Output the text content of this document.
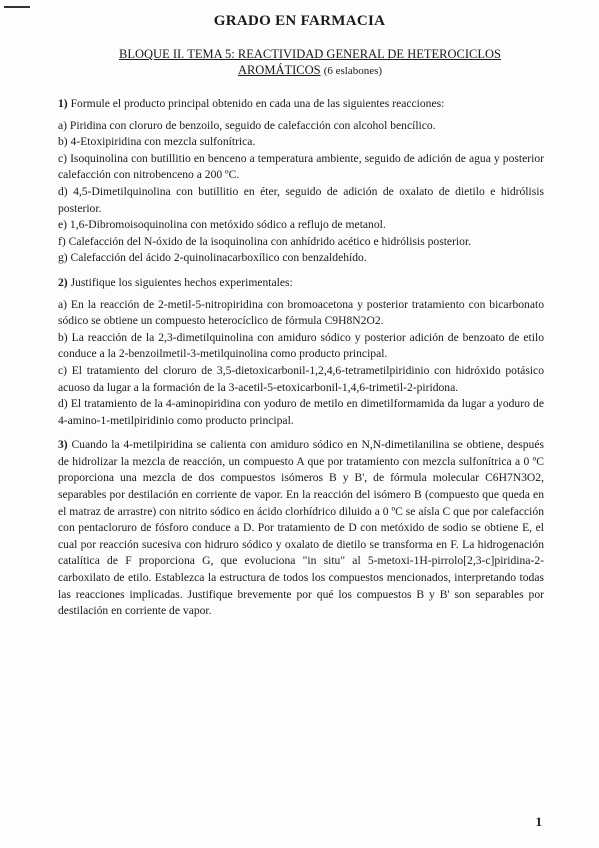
GRADO EN FARMACIA
BLOQUE II. TEMA 5: REACTIVIDAD GENERAL DE HETEROCICLOS AROMÁTICOS (6 eslabones)
1) Formule el producto principal obtenido en cada una de las siguientes reacciones:
a) Piridina con cloruro de benzoilo, seguido de calefacción con alcohol bencílico.
b) 4-Etoxipiridina con mezcla sulfonítrica.
c) Isoquinolina con butillitio en benceno a temperatura ambiente, seguido de adición de agua y posterior calefacción con nitrobenceno a 200 ºC.
d) 4,5-Dimetilquinolina con butillitio en éter, seguido de adición de oxalato de dietilo e hidrólisis posterior.
e) 1,6-Dibromoisoquinolina con metóxido sódico a reflujo de metanol.
f) Calefacción del N-óxido de la isoquinolina con anhídrido acético e hidrólisis posterior.
g) Calefacción del ácido 2-quinolinacarboxílico con benzaldehído.
2) Justifique los siguientes hechos experimentales:
a) En la reacción de 2-metil-5-nitropiridina con bromoacetona y posterior tratamiento con bicarbonato sódico se obtiene un compuesto heterocíclico de fórmula C9H8N2O2.
b) La reacción de la 2,3-dimetilquinolina con amiduro sódico y posterior adición de benzoato de etilo conduce a la 2-benzoilmetil-3-metilquinolina como producto principal.
c) El tratamiento del cloruro de 3,5-dietoxicarbonil-1,2,4,6-tetrametilpiridinio con hidróxido potásico acuoso da lugar a la formación de la 3-acetil-5-etoxicarbonil-1,4,6-trimetil-2-piridona.
d) El tratamiento de la 4-aminopiridina con yoduro de metilo en dimetilformamida da lugar a yoduro de 4-amino-1-metilpiridinio como producto principal.
3) Cuando la 4-metilpiridina se calienta con amiduro sódico en N,N-dimetilanilina se obtiene, después de hidrolizar la mezcla de reacción, un compuesto A que por tratamiento con mezcla sulfonítrica a 0 ºC proporciona una mezcla de dos compuestos isómeros B y B', de fórmula molecular C6H7N3O2, separables por destilación en corriente de vapor. En la reacción del isómero B (compuesto que queda en el matraz de arrastre) con nitrito sódico en ácido clorhídrico diluido a 0 ºC se aísla C que por calefacción con pentacloruro de fósforo conduce a D. Por tratamiento de D con metóxido de sodio se obtiene E, el cual por reacción sucesiva con hidruro sódico y oxalato de dietilo se transforma en F. La hidrogenación catalítica de F proporciona G, que evoluciona "in situ" al 5-metoxi-1H-pirrolo[2,3-c]piridina-2-carboxilato de etilo. Establezca la estructura de todos los compuestos mencionados, interpretando todas las reacciones implicadas. Justifique brevemente por qué los compuestos B y B' son separables por destilación en corriente de vapor.
1
